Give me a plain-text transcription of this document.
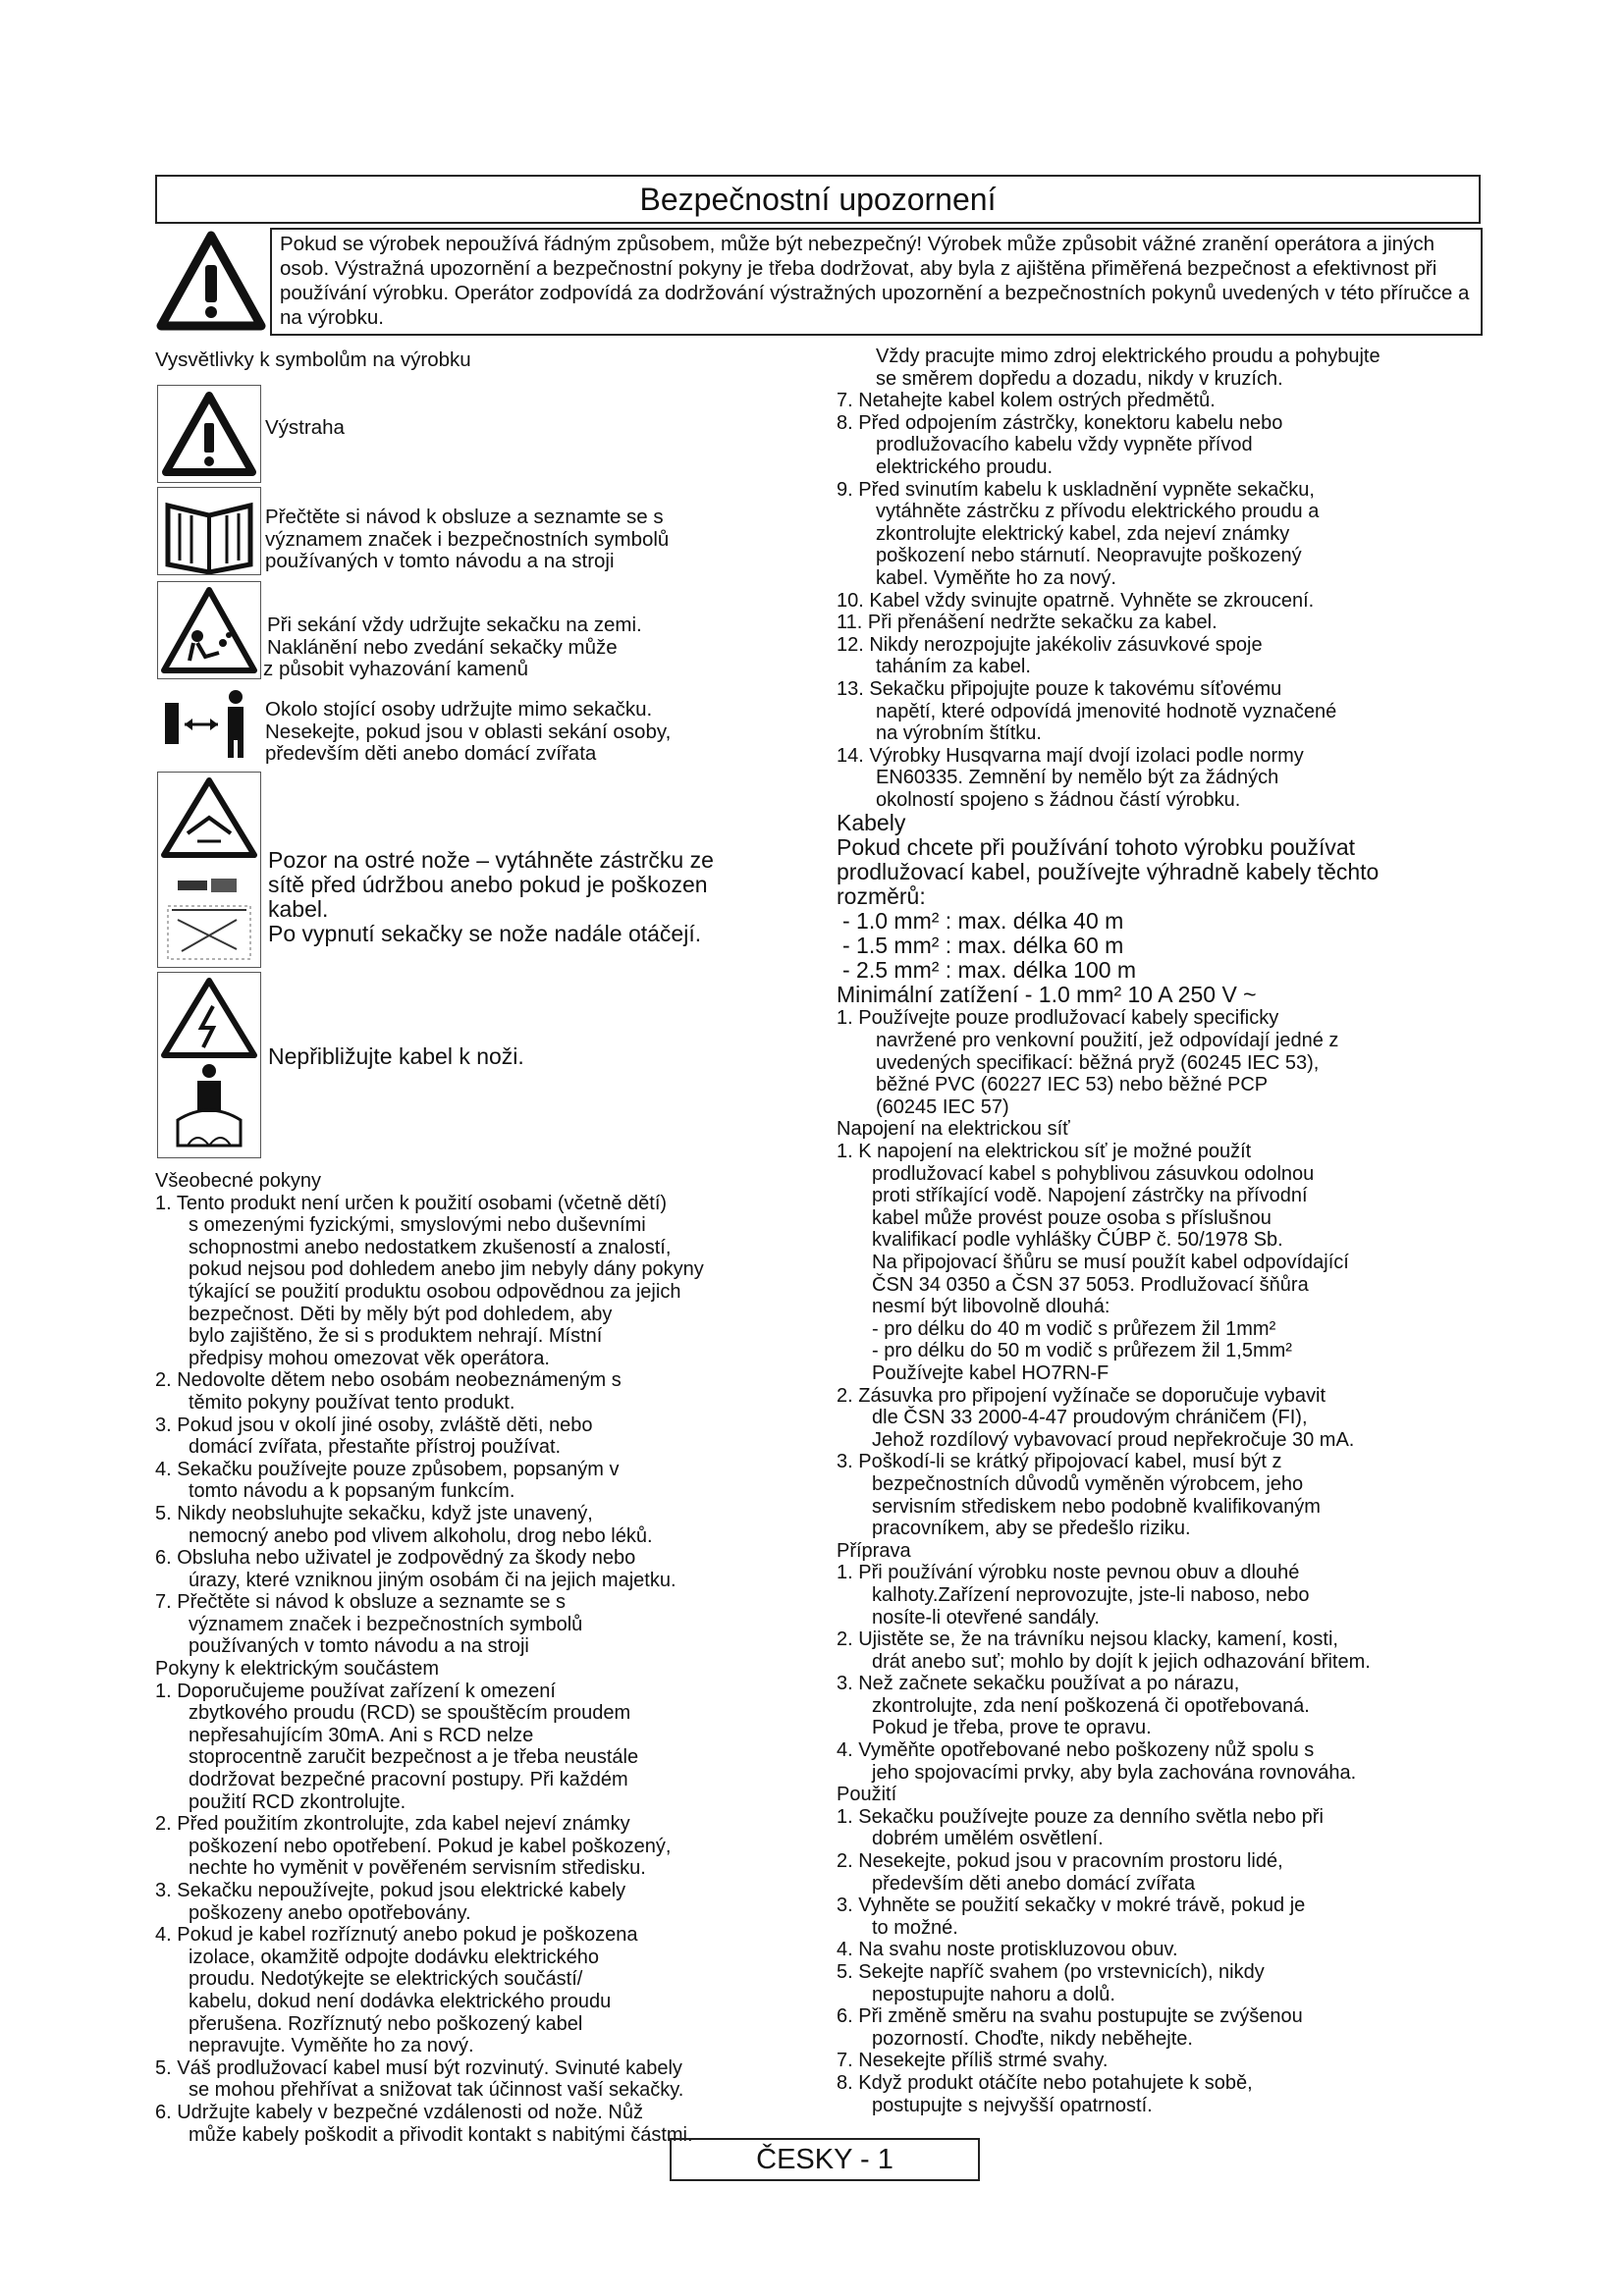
Bezpečnostní upozornení
Pokud se výrobek nepoužívá řádným způsobem, může být nebezpečný! Výrobek může způsobit vážné zranění operátora a jiných osob. Výstražná upozornění a bezpečnostní pokyny je třeba dodržovat, aby byla z ajištěna přiměřená bezpečnost a efektivnost při používání výrobku. Operátor zodpovídá za dodržování výstražných upozornění a bezpečnostních pokynů uvedených v této příručce a na výrobku.
Vysvětlivky k symbolům na výrobku
Výstraha
Přečtěte si návod k obsluze a seznamte se s
významem značek i bezpečnostních symbolů
používaných v tomto návodu a na stroji
Při sekání vždy udržujte sekačku na zemi.
Naklánění nebo zvedání sekačky může
z působit vyhazování kamenů
Okolo stojící osoby udržujte mimo sekačku.
Nesekejte, pokud jsou v oblasti sekání osoby,
především děti anebo domácí zvířata
Pozor na ostré nože – vytáhněte zástrčku ze
sítě před údržbou anebo pokud je poškozen
kabel.
Po vypnutí sekačky se nože nadále otáčejí.
Nepřibližujte kabel k noži.

Všeobecné pokyny

1. Tento produkt není určen k použití osobami (včetně dětí)
s omezenými fyzickými, smyslovými nebo duševními
schopnostmi anebo nedostatkem zkušeností a znalostí,
pokud nejsou pod dohledem anebo jim nebyly dány pokyny
týkající se použití produktu osobou odpovědnou za jejich
bezpečnost. Děti by měly být pod dohledem, aby
bylo zajištěno, že si s produktem nehrají. Místní
předpisy mohou omezovat věk operátora.
2. Nedovolte dětem nebo osobám neobeznámeným s
těmito pokyny používat tento produkt.
3. Pokud jsou v okolí jiné osoby, zvláště děti, nebo
domácí zvířata, přestaňte přístroj používat.
4. Sekačku používejte pouze způsobem, popsaným v
tomto návodu a k popsaným funkcím.
5. Nikdy neobsluhujte sekačku, když jste unavený,
nemocný anebo pod vlivem alkoholu, drog nebo léků.
6. Obsluha nebo uživatel je zodpovědný za škody nebo
úrazy, které vzniknou jiným osobám či na jejich majetku.
7. Přečtěte si návod k obsluze a seznamte se s
významem značek i bezpečnostních symbolů
používaných v tomto návodu a na stroji

Pokyny k elektrickým součástem

1. Doporučujeme používat zařízení k omezení
zbytkového proudu (RCD) se spouštěcím proudem
nepřesahujícím 30mA. Ani s RCD nelze
stoprocentně zaručit bezpečnost a je třeba neustále
dodržovat bezpečné pracovní postupy. Při každém
použití RCD zkontrolujte.
2. Před použitím zkontrolujte, zda kabel nejeví známky
poškození nebo opotřebení. Pokud je kabel poškozený,
nechte ho vyměnit v pověřeném servisním středisku.
3. Sekačku nepoužívejte, pokud jsou elektrické kabely
poškozeny anebo opotřebovány.
4. Pokud je kabel rozříznutý anebo pokud je poškozena
izolace, okamžitě odpojte dodávku elektrického
proudu. Nedotýkejte se elektrických součástí/
kabelu, dokud není dodávka elektrického proudu
přerušena. Rozříznutý nebo poškozený kabel
nepravujte. Vyměňte ho za nový.
5. Váš prodlužovací kabel musí být rozvinutý. Svinuté kabely
se mohou přehřívat a snižovat tak účinnost vaší sekačky.
6. Udržujte kabely v bezpečné vzdálenosti od nože. Nůž
může kabely poškodit a přivodit kontakt s nabitými částmi.
Vždy pracujte mimo zdroj elektrického proudu a pohybujte
se směrem dopředu a dozadu, nikdy v kruzích.
7. Netahejte kabel kolem ostrých předmětů.
8. Před odpojením zástrčky, konektoru kabelu nebo
prodlužovacího kabelu vždy vypněte přívod
elektrického proudu.
9. Před svinutím kabelu k uskladnění vypněte sekačku,
vytáhněte zástrčku z přívodu elektrického proudu a
zkontrolujte elektrický kabel, zda nejeví známky
poškození nebo stárnutí. Neopravujte poškozený
kabel. Vyměňte ho za nový.
10. Kabel vždy svinujte opatrně. Vyhněte se zkroucení.
11. Při přenášení nedržte sekačku za kabel.
12. Nikdy nerozpojujte jakékoliv zásuvkové spoje
taháním za kabel.
13. Sekačku připojujte pouze k takovému síťovému
napětí, které odpovídá jmenovité hodnotě vyznačené
na výrobním štítku.
14. Výrobky Husqvarna mají dvojí izolaci podle normy
EN60335. Zemnění by nemělo být za žádných
okolností spojeno s žádnou částí výrobku.

Kabely

Pokud chcete při používání tohoto výrobku používat
prodlužovací kabel, používejte výhradně kabely těchto
rozměrů:
- 1.0 mm² : max. délka 40 m
- 1.5 mm² : max. délka 60 m
- 2.5 mm² : max. délka 100 m

Minimální zatížení - 1.0 mm² 10 A 250 V ~

1. Používejte pouze prodlužovací kabely specificky
navržené pro venkovní použití, jež odpovídají jedné z
uvedených specifikací: běžná pryž (60245 IEC 53),
běžné PVC (60227 IEC 53) nebo běžné PCP
(60245 IEC 57)

Napojení na elektrickou síť

1. K napojení na elektrickou síť je možné použít
prodlužovací kabel s pohyblivou zásuvkou odolnou
proti stříkající vodě. Napojení zástrčky na přívodní
kabel může provést pouze osoba s příslušnou
kvalifikací podle vyhlášky ČÚBP č. 50/1978 Sb.
Na připojovací šňůru se musí použít kabel odpovídající
ČSN 34 0350 a ČSN 37 5053. Prodlužovací šňůra
nesmí být libovolně dlouhá:
- pro délku do 40 m vodič s průřezem žil 1mm²
- pro délku do 50 m vodič s průřezem žil 1,5mm²
Používejte kabel HO7RN-F
2. Zásuvka pro připojení vyžínače se doporučuje vybavit
dle ČSN 33 2000-4-47 proudovým chráničem (FI),
Jehož rozdílový vybavovací proud nepřekročuje 30 mA.
3. Poškodí-li se krátký připojovací kabel, musí být z
bezpečnostních důvodů vyměněn výrobcem, jeho
servisním střediskem nebo podobně kvalifikovaným
pracovníkem, aby se předešlo riziku.

Příprava

1. Při používání výrobku noste pevnou obuv a dlouhé
kalhoty.Zařízení neprovozujte, jste-li naboso, nebo
nosíte-li otevřené sandály.
2. Ujistěte se, že na trávníku nejsou klacky, kamení, kosti,
drát anebo suť; mohlo by dojít k jejich odhazování břitem.
3. Než začnete sekačku používat a po nárazu,
zkontrolujte, zda není poškozená či opotřebovaná.
Pokud je třeba, prove te opravu.
4. Vyměňte opotřebované nebo poškozeny nůž spolu s
jeho spojovacími prvky, aby byla zachována rovnováha.

Použití

1. Sekačku používejte pouze za denního světla nebo při
dobrém umělém osvětlení.
2. Nesekejte, pokud jsou v pracovním prostoru lidé,
především děti anebo domácí zvířata
3. Vyhněte se použití sekačky v mokré trávě, pokud je
to možné.
4. Na svahu noste protiskluzovou obuv.
5. Sekejte napříč svahem (po vrstevnicích), nikdy
nepostupujte nahoru a dolů.
6. Při změně směru na svahu postupujte se zvýšenou
pozorností. Choďte, nikdy neběhejte.
7. Nesekejte příliš strmé svahy.
8. Když produkt otáčíte nebo potahujete k sobě,
postupujte s nejvyšší opatrností.
ČESKY - 1
